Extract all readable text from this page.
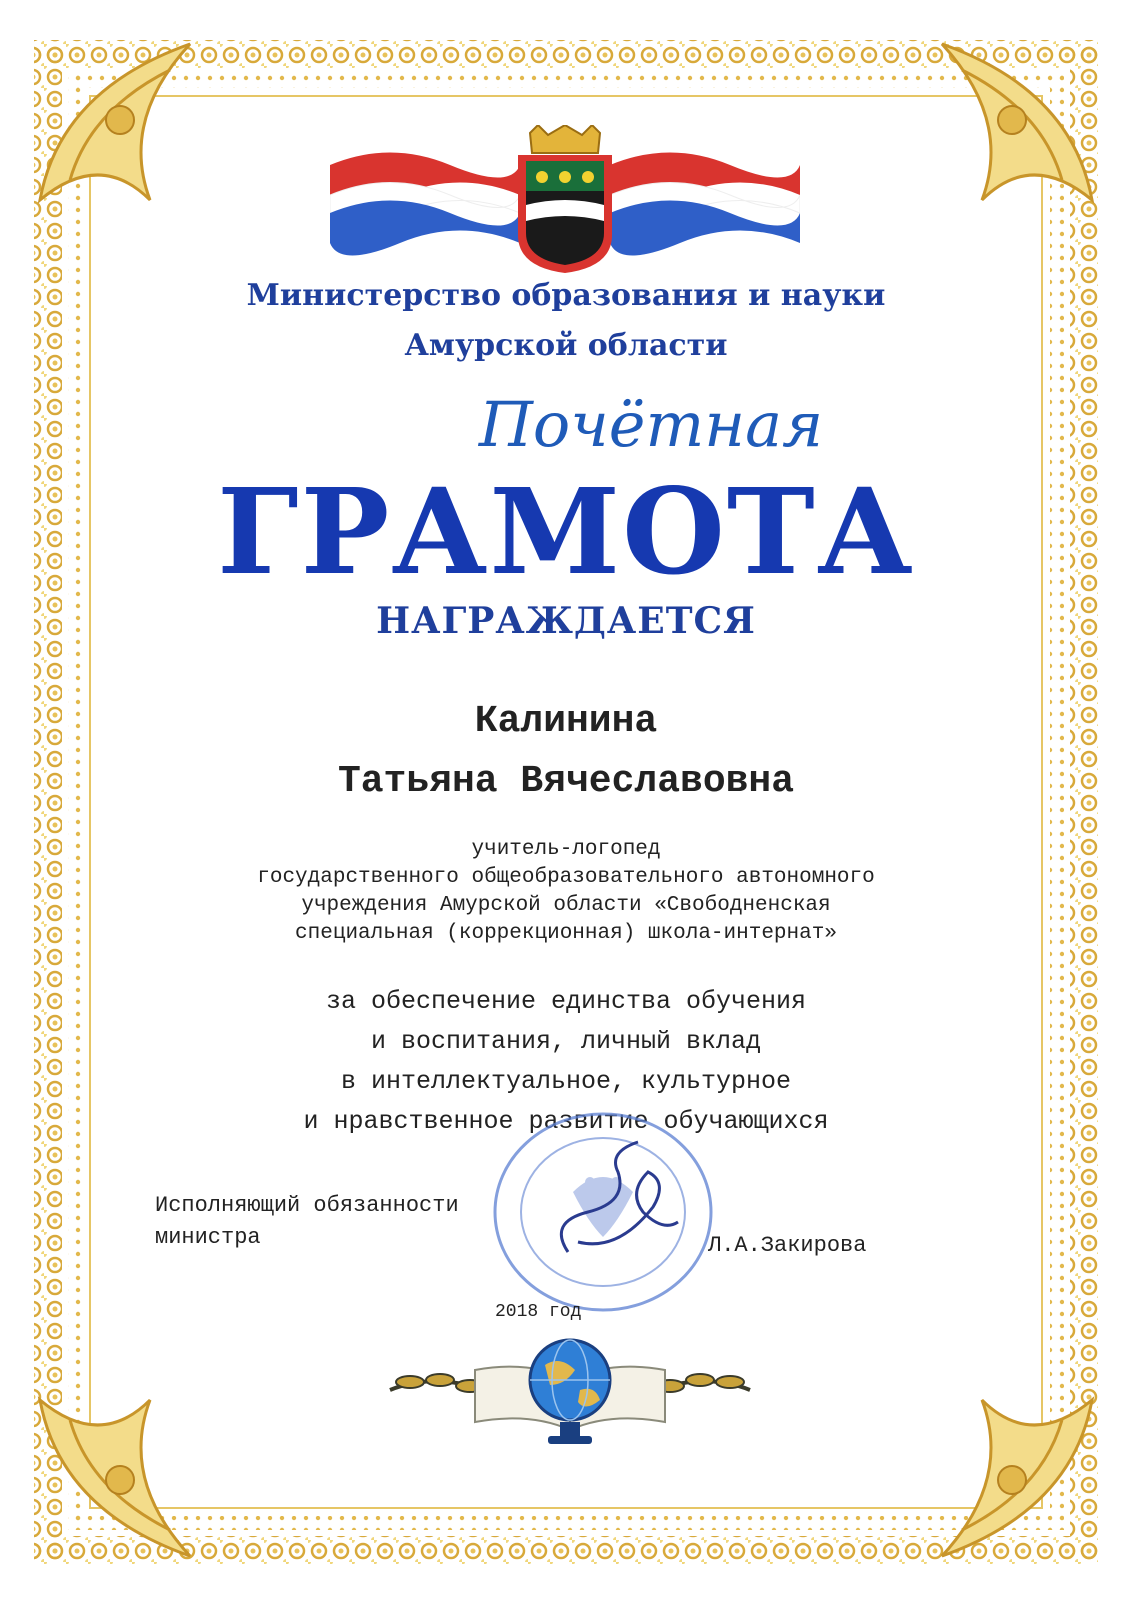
Министерство образования и науки
Амурской области
Почётная
ГРАМОТА
НАГРАЖДАЕТСЯ
Калинина
Татьяна Вячеславовна
учитель-логопед
государственного общеобразовательного автономного
учреждения Амурской области «Свободненская
специальная (коррекционная) школа-интернат»
за обеспечение единства обучения
и воспитания, личный вклад
в интеллектуальное, культурное
и нравственное развитие обучающихся
Исполняющий обязанности
министра	Л.А.Закирова
2018 год
